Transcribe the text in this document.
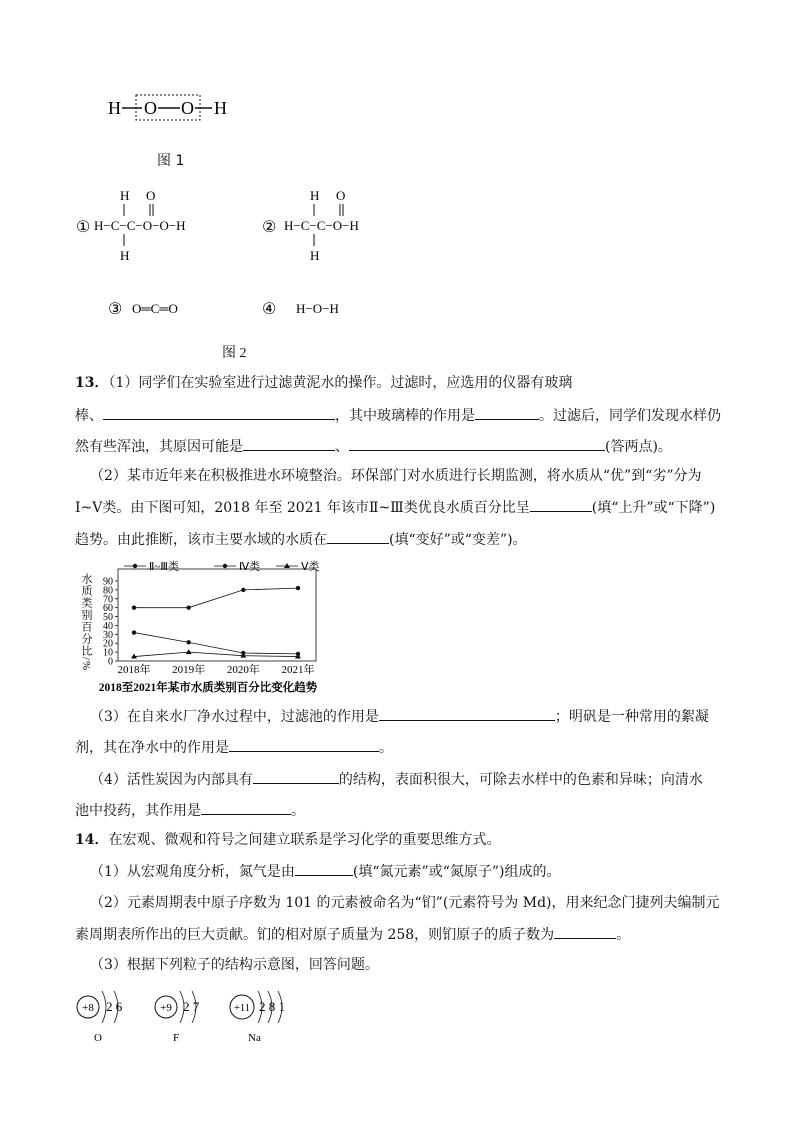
H O O H
图 1
①
H O
H−C−C−O−O−H
H
②
H O
H−C−C−O−H
H
③ O═C═O	④ H−O−H
图 2
13．（1）同学们在实验室进行过滤黄泥水的操作。过滤时，应选用的仪器有玻璃
棒、	，其中玻璃棒的作用是	。过滤后，同学们发现水样仍
然有些浑浊，其原因可能是	、	(答两点)。
（2）某市近年来在积极推进水环境整治。环保部门对水质进行长期监测，将水质从“优”到“劣”分为
Ⅰ~Ⅴ类。由下图可知，2018 年至 2021 年该市Ⅱ~Ⅲ类优良水质百分比呈	(填“上升”或“下降”)
趋势。由此推断，该市主要水域的水质在	(填“变好”或“变差”)。
水质类别百分比/% 0
10
20
30
40
50
60
70
80
90
2018年 2019年 2020年 2021年
Ⅱ~Ⅲ类	Ⅳ类	Ⅴ类
2018至2021年某市水质类别百分比变化趋势
（3）在自来水厂净水过程中，过滤池的作用是	；明矾是一种常用的絮凝
剂，其在净水中的作用是	。
（4）活性炭因为内部具有	的结构，表面积很大，可除去水样中的色素和异味；向清水
池中投药，其作用是	。
14．在宏观、微观和符号之间建立联系是学习化学的重要思维方式。
（1）从宏观角度分析，氮气是由	(填“氮元素”或“氮原子”)组成的。
（2）元素周期表中原子序数为 101 的元素被命名为“钔”(元素符号为 Md)，用来纪念门捷列夫编制元
素周期表所作出的巨大贡献。钔的相对原子质量为 258，则钔原子的质子数为	。
（3）根据下列粒子的结构示意图，回答问题。
+8 2 6
O
+9 2 7
F
+11 2 8 1
Na
